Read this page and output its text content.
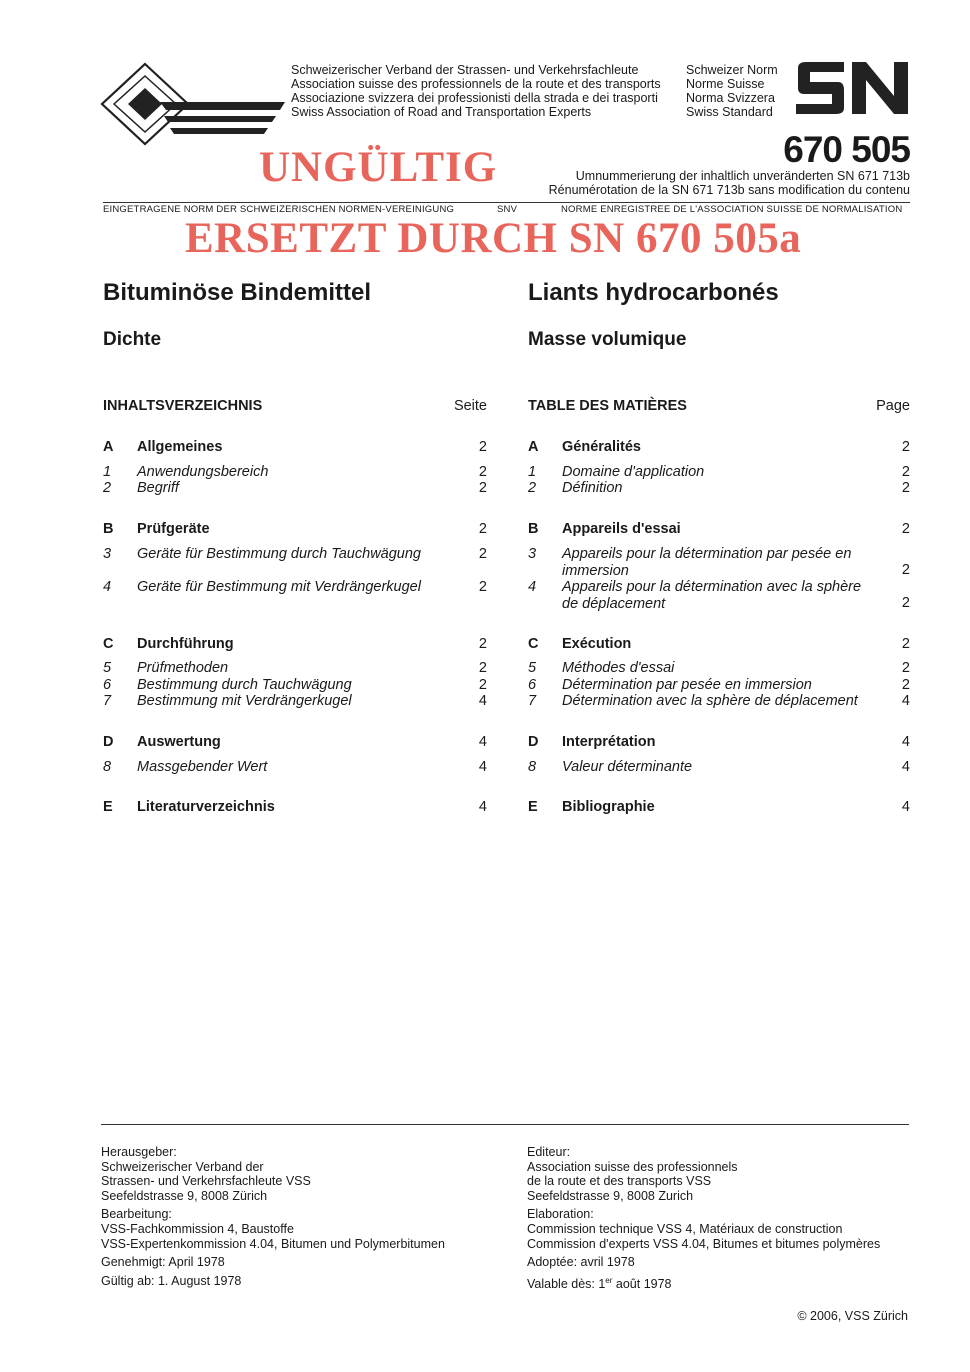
Schweizerischer Verband der Strassen- und Verkehrsfachleute
Association suisse des professionnels de la route et des transports
Associazione svizzera dei professionisti della strada e dei trasporti
Swiss Association of Road and Transportation Experts
Schweizer Norm
Norme Suisse
Norma Svizzera
Swiss Standard
670 505
Umnummerierung der inhaltlich unveränderten SN 671 713b
Rénumérotation de la SN 671 713b sans modification du contenu
UNGÜLTIG
EINGETRAGENE NORM DER SCHWEIZERISCHEN NORMEN-VEREINIGUNG	SNV	NORME ENREGISTREE DE L'ASSOCIATION SUISSE DE NORMALISATION
ERSETZT DURCH SN 670 505a
Bituminöse Bindemittel	Liants hydrocarbonés
Dichte	Masse volumique
INHALTSVERZEICHNIS	Seite
A Allgemeines	2
1 Anwendungsbereich	2
2 Begriff	2
B Prüfgeräte	2
3 Geräte für Bestimmung durch Tauchwägung	2
4 Geräte für Bestimmung mit Verdrängerkugel	2
C Durchführung	2
5 Prüfmethoden	2
6 Bestimmung durch Tauchwägung	2
7 Bestimmung mit Verdrängerkugel	4
D Auswertung	4
8 Massgebender Wert	4
E Literaturverzeichnis	4
TABLE DES MATIÈRES	Page
A Généralités	2
1 Domaine d'application	2
2 Définition	2
B Appareils d'essai	2
3 Appareils pour la détermination par pesée en immersion	2
4 Appareils pour la détermination avec la sphère de déplacement	2
C Exécution	2
5 Méthodes d'essai	2
6 Détermination par pesée en immersion	2
7 Détermination avec la sphère de déplacement	4
D Interprétation	4
8 Valeur déterminante	4
E Bibliographie	4

Herausgeber:
Schweizerischer Verband der
Strassen- und Verkehrsfachleute VSS
Seefeldstrasse 9, 8008 Zürich

Bearbeitung:
VSS-Fachkommission 4, Baustoffe
VSS-Expertenkommission 4.04, Bitumen und Polymerbitumen

Genehmigt: April 1978

Gültig ab: 1. August 1978

Editeur:
Association suisse des professionnels
de la route et des transports VSS
Seefeldstrasse 9, 8008 Zurich

Elaboration:
Commission technique VSS 4, Matériaux de construction
Commission d'experts VSS 4.04, Bitumes et bitumes polymères

Adoptée: avril 1978

Valable dès: 1er août 1978

© 2006, VSS Zürich
